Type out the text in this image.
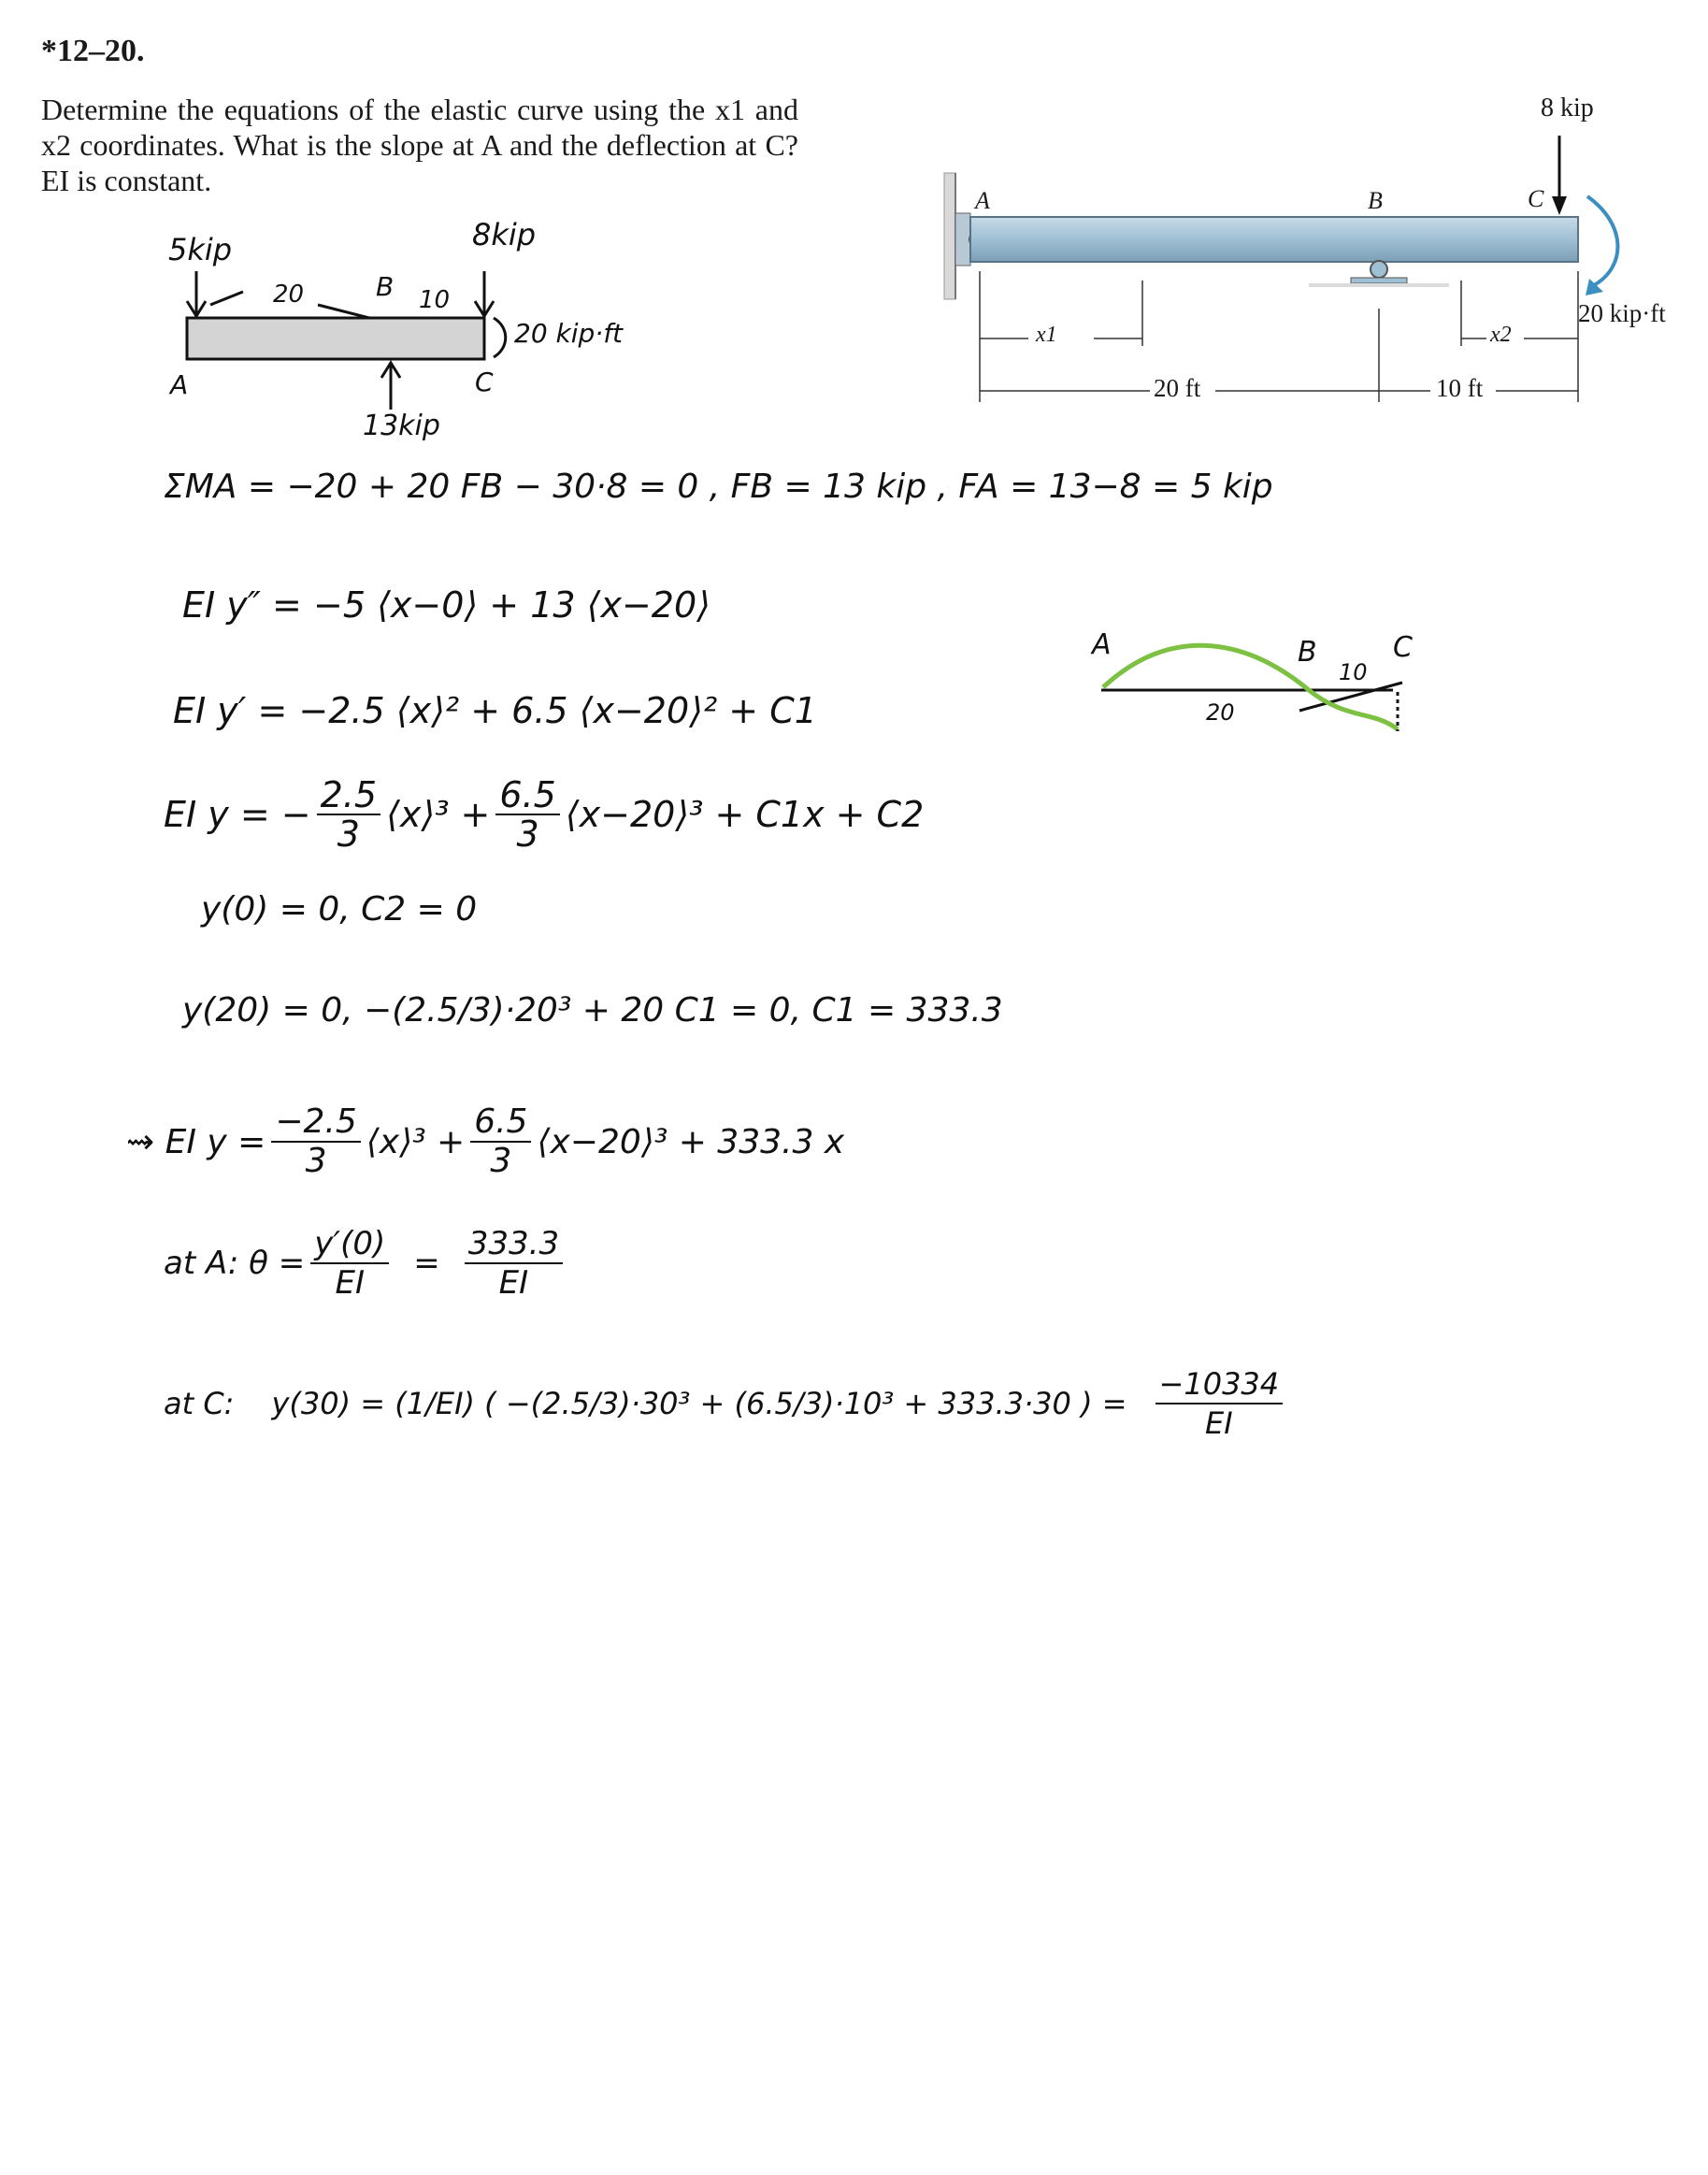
*12–20.
Determine the equations of the elastic curve using the x1 and x2 coordinates. What is the slope at A and the deflection at C? EI is constant.
A	B	C
8 kip
20 kip·ft
x1	x2
20 ft	10 ft
5kip	8kip
20	B 10
20 kip·ft
A	C
13kip
ΣMA = −20 + 20 FB − 30·8 = 0 , FB = 13 kip , FA = 13−8 = 5 kip
EI y″ = −5 ⟨x−0⟩ + 13 ⟨x−20⟩
EI y′ = −2.5 ⟨x⟩² + 6.5 ⟨x−20⟩² + C1
EI y = − $\frac{2.5}{3}$ ⟨x⟩³ + $\frac{6.5}{3}$ ⟨x−20⟩³ + C1x + C2
y(0) = 0, C2 = 0
y(20) = 0, −(2.5/3)·20³ + 20 C1 = 0, C1 = 333.3
⇝ EI $y = \frac{-2.5}{3}$ ⟨x⟩³ + $\frac{6.5}{3}$ ⟨x−20⟩³ + 333.3 x
at A: $\theta = \frac{y'(0)}{EI} = \frac{333.3}{EI}$
at C: y(30) = (1/EI) ( −(2.5/3)·30³ + (6.5/3)·10³ + 333.3·30 ) = $\frac{-10334}{EI}$
A	B	C
20
10
